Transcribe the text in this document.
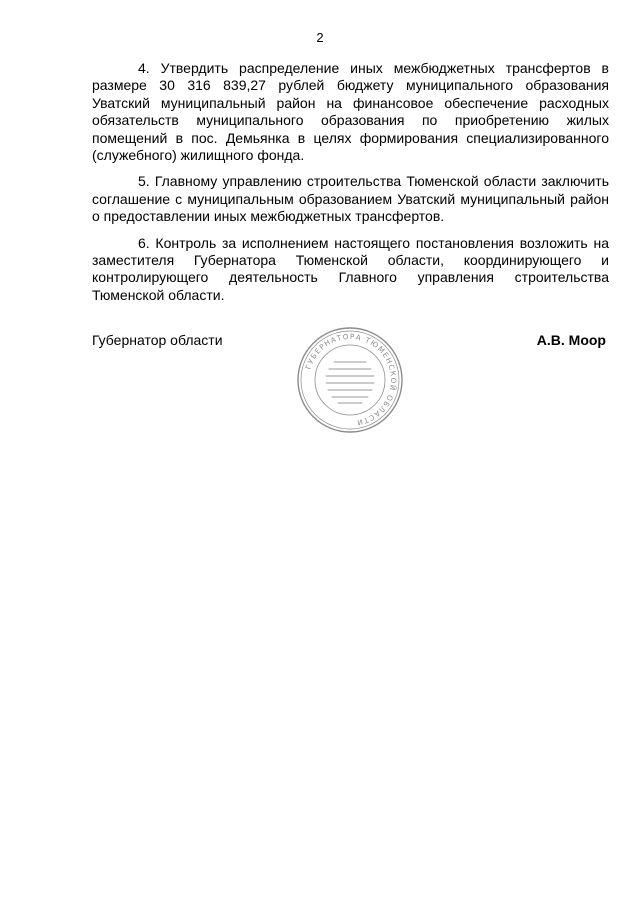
2

4. Утвердить распределение иных межбюджетных трансфертов в размере 30 316 839,27 рублей бюджету муниципального образования Уватский муниципальный район на финансовое обеспечение расходных обязательств муниципального образования по приобретению жилых помещений в пос. Демьянка в целях формирования специализированного (служебного) жилищного фонда.

5. Главному управлению строительства Тюменской области заключить соглашение с муниципальным образованием Уватский муниципальный район о предоставлении иных межбюджетных трансфертов.

6. Контроль за исполнением настоящего постановления возложить на заместителя Губернатора Тюменской области, координирующего и контролирующего деятельность Главного управления строительства Тюменской области.

Губернатор области	А.В. Моор
ГУБЕРНАТОРА ТЮМЕНСКОЙ ОБЛАСТИ
